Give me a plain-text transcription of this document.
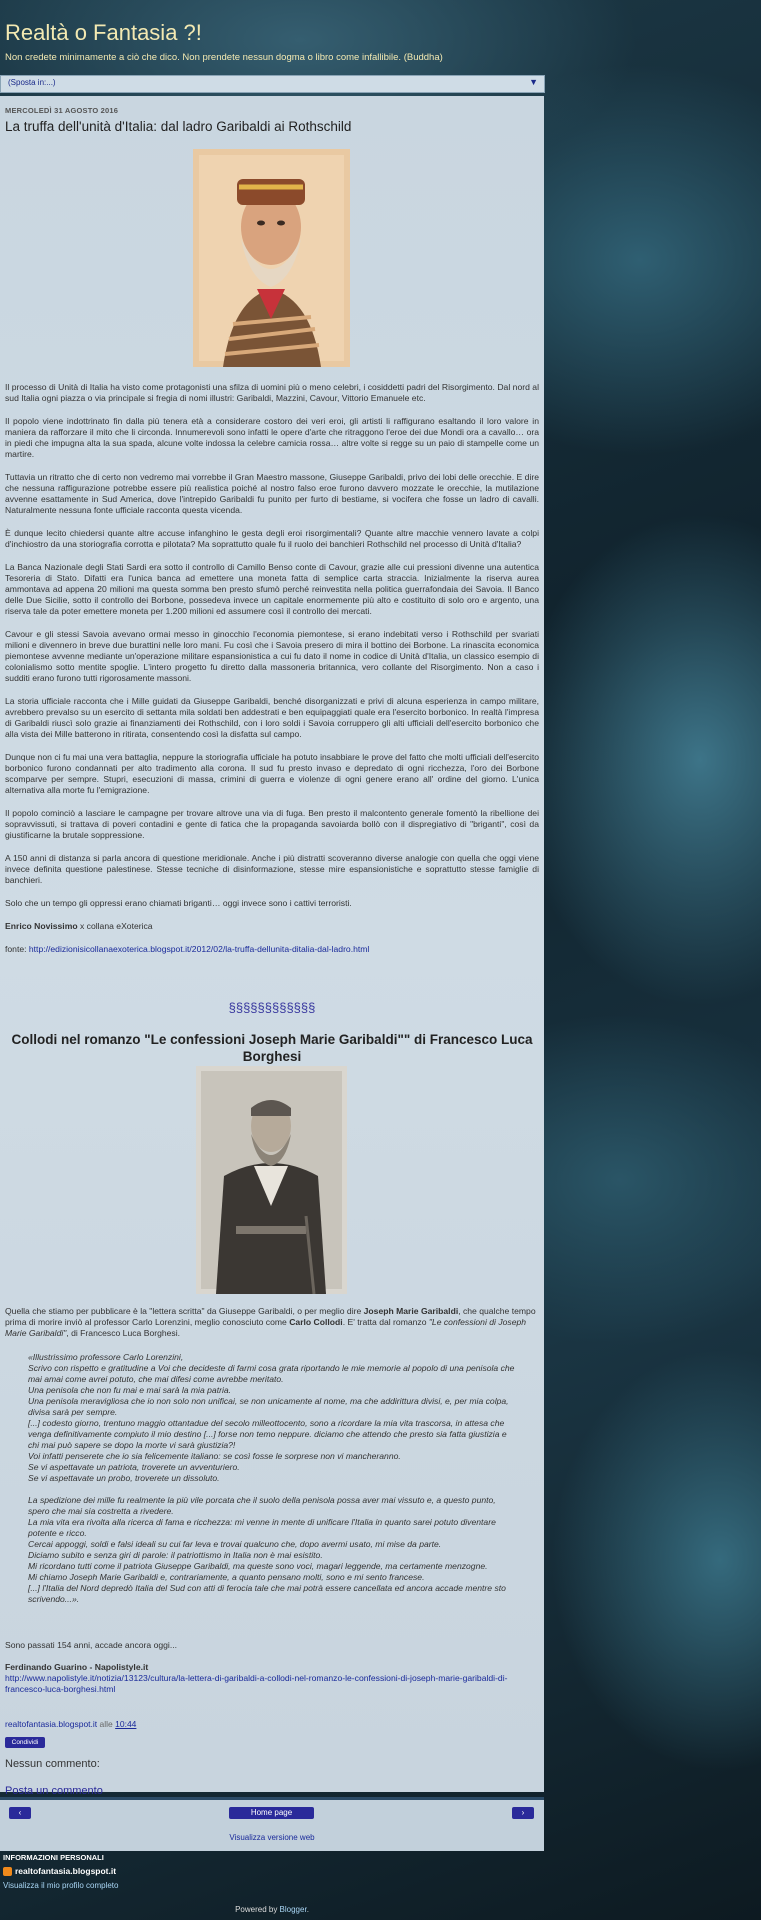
Realtà o Fantasia ?!
Non credete minimamente a ciò che dico. Non prendete nessun dogma o libro come infallibile. (Buddha)
(Sposta in:...)	▼
MERCOLEDÌ 31 AGOSTO 2016
La truffa dell'unità d'Italia: dal ladro Garibaldi ai Rothschild

Il processo di Unità di Italia ha visto come protagonisti una sfilza di uomini più o meno celebri, i cosiddetti padri del Risorgimento. Dal nord al sud Italia ogni piazza o via principale si fregia di nomi illustri: Garibaldi, Mazzini, Cavour, Vittorio Emanuele etc.

Il popolo viene indottrinato fin dalla più tenera età a considerare costoro dei veri eroi, gli artisti li raffigurano esaltando il loro valore in maniera da rafforzare il mito che li circonda. Innumerevoli sono infatti le opere d'arte che ritraggono l'eroe dei due Mondi ora a cavallo… ora in piedi che impugna alta la sua spada, alcune volte indossa la celebre camicia rossa… altre volte si regge su un paio di stampelle come un martire.

Tuttavia un ritratto che di certo non vedremo mai vorrebbe il Gran Maestro massone, Giuseppe Garibaldi, privo dei lobi delle orecchie. E dire che nessuna raffigurazione potrebbe essere più realistica poiché al nostro falso eroe furono davvero mozzate le orecchie, la mutilazione avvenne esattamente in Sud America, dove l'intrepido Garibaldi fu punito per furto di bestiame, si vociferа che fosse un ladro di cavalli. Naturalmente nessuna fonte ufficiale racconta questa vicenda.

È dunque lecito chiedersi quante altre accuse infanghino le gesta degli eroi risorgimentali? Quante altre macchie vennero lavate a colpi d'inchiostro da una storiografia corrotta e pilotata? Ma soprattutto quale fu il ruolo dei banchieri Rothschild nel processo di Unità d'Italia?

La Banca Nazionale degli Stati Sardi era sotto il controllo di Camillo Benso conte di Cavour, grazie alle cui pressioni divenne una autentica Tesoreria di Stato. Difatti era l'unica banca ad emettere una moneta fatta di semplice carta straccia. Inizialmente la riserva aurea ammontava ad appena 20 milioni ma questa somma ben presto sfumò perché reinvestita nella politica guerrafondaia dei Savoia. Il Banco delle Due Sicilie, sotto il controllo dei Borbone, possedeva invece un capitale enormemente più alto e costituito di solo oro e argento, una riserva tale da poter emettere moneta per 1.200 milioni ed assumere così il controllo dei mercati.

Cavour e gli stessi Savoia avevano ormai messo in ginocchio l'economia piemontese, si erano indebitati verso i Rothschild per svariati milioni e divennero in breve due burattini nelle loro mani. Fu così che i Savoia presero di mira il bottino dei Borbone. La rinascita economica piemontese avvenne mediante un'operazione militare espansionistica a cui fu dato il nome in codice di Unità d'Italia, un classico esempio di colonialismo sotto mentite spoglie. L'intero progetto fu diretto dalla massoneria britannica, vero collante del Risorgimento. Non a caso i sudditi erano furono tutti rigorosamente massoni.

La storia ufficiale racconta che i Mille guidati da Giuseppe Garibaldi, benché disorganizzati e privi di alcuna esperienza in campo militare, avrebbero prevalso su un esercito di settanta mila soldati ben addestrati e ben equipaggiati quale era l'esercito borbonico. In realtà l'impresa di Garibaldi riuscì solo grazie ai finanziamenti dei Rothschild, con i loro soldi i Savoia corruppero gli alti ufficiali dell'esercito borbonico che alla vista dei Mille batterono in ritirata, consentendo così la disfatta sul campo.

Dunque non ci fu mai una vera battaglia, neppure la storiografia ufficiale ha potuto insabbiare le prove del fatto che molti ufficiali dell'esercito borbonico furono condannati per alto tradimento alla corona. Il sud fu presto invaso e depredato di ogni ricchezza, l'oro dei Borbone scomparve per sempre. Stupri, esecuzioni di massa, crimini di guerra e violenze di ogni genere erano all' ordine del giorno. L'unica alternativa alla morte fu l'emigrazione.

Il popolo cominciò a lasciare le campagne per trovare altrove una via di fuga. Ben presto il malcontento generale fomentò la ribellione dei sopravvissuti, si trattava di poveri contadini e gente di fatica che la propaganda savoiarda bollò con il dispregiativo di "briganti", così da giustificarne la brutale soppressione.

A 150 anni di distanza si parla ancora di questione meridionale. Anche i più distratti scoveranno diverse analogie con quella che oggi viene invece definita questione palestinese. Stesse tecniche di disinformazione, stesse mire espansionistiche e soprattutto stesse famiglie di banchieri.

Solo che un tempo gli oppressi erano chiamati briganti… oggi invece sono i cattivi terroristi.

Enrico Novissimo x collana eXoterica

fonte: http://edizionisicollanaexoterica.blogspot.it/2012/02/la-truffa-dellunita-ditalia-dal-ladro.html

§§§§§§§§§§§§
Collodi nel romanzo "Le confessioni Joseph Marie Garibaldi"" di Francesco Luca Borghesi

Quella che stiamo per pubblicare è la "lettera scritta" da Giuseppe Garibaldi, o per meglio dire Joseph Marie Garibaldi, che qualche tempo prima di morire inviò al professor Carlo Lorenzini, meglio conosciuto come Carlo Collodi. E' tratta dal romanzo "Le confessioni di Joseph Marie Garibaldi", di Francesco Luca Borghesi.

«Illustrissimo professore Carlo Lorenzini,
Scrivo con rispetto e gratitudine a Voi che decideste di farmi cosa grata riportando le mie memorie al popolo di una penisola che mai amai come avrei potuto, che mai difesi come avrebbe meritato.
Una penisola che non fu mai e mai sarà la mia patria.
Una penisola meravigliosa che io non solo non unificai, se non unicamente al nome, ma che addirittura divisi, e, per mia colpa, divisa sarà per sempre.
[...] codesto giorno, trentuno maggio ottantadue del secolo milleottocento, sono a ricordare la mia vita trascorsa, in attesa che venga definitivamente compiuto il mio destino [...] forse non temo neppure. diciamo che attendo che presto sia fatta giustizia e chi mai può sapere se dopo la morte vi sarà giustizia?!
Voi infatti penserete che io sia felicemente italiano: se così fosse le sorprese non vi mancheranno.
Se vi aspettavate un patriota, troverete un avventuriero.
Se vi aspettavate un probo, troverete un dissoluto.

La spedizione dei mille fu realmente la più vile porcata che il suolo della penisola possa aver mai vissuto e, a questo punto, spero che mai sia costretta a rivedere.
La mia vita era rivolta alla ricerca di fama e ricchezza: mi venne in mente di unificare l'Italia in quanto sarei potuto diventare potente e ricco.
Cercai appoggi, soldi e falsi ideali su cui far leva e trovai qualcuno che, dopo avermi usato, mi mise da parte.
Diciamo subito e senza giri di parole: il patriottismo in Italia non è mai esistito.
Mi ricordano tutti come il patriota Giuseppe Garibaldi, ma queste sono voci, magari leggende, ma certamente menzogne.
Mi chiamo Joseph Marie Garibaldi e, contrariamente, a quanto pensano molti, sono e mi sento francese.
[...] l'Italia del Nord depredò Italia del Sud con atti di ferocia tale che mai potrà essere cancellata ed ancora accade mentre sto scrivendo...».

Sono passati 154 anni, accade ancora oggi...
Ferdinando Guarino - Napolistyle.it
http://www.napolistyle.it/notizia/13123/cultura/la-lettera-di-garibaldi-a-collodi-nel-romanzo-le-confessioni-di-joseph-marie-garibaldi-di-francesco-luca-borghesi.html
realtofantasia.blogspot.it alle 10:44
Condividi
Nessun commento:
Posta un commento
‹	Home page	›
Visualizza versione web
INFORMAZIONI PERSONALI
realtofantasia.blogspot.it
Visualizza il mio profilo completo
Powered by Blogger.
